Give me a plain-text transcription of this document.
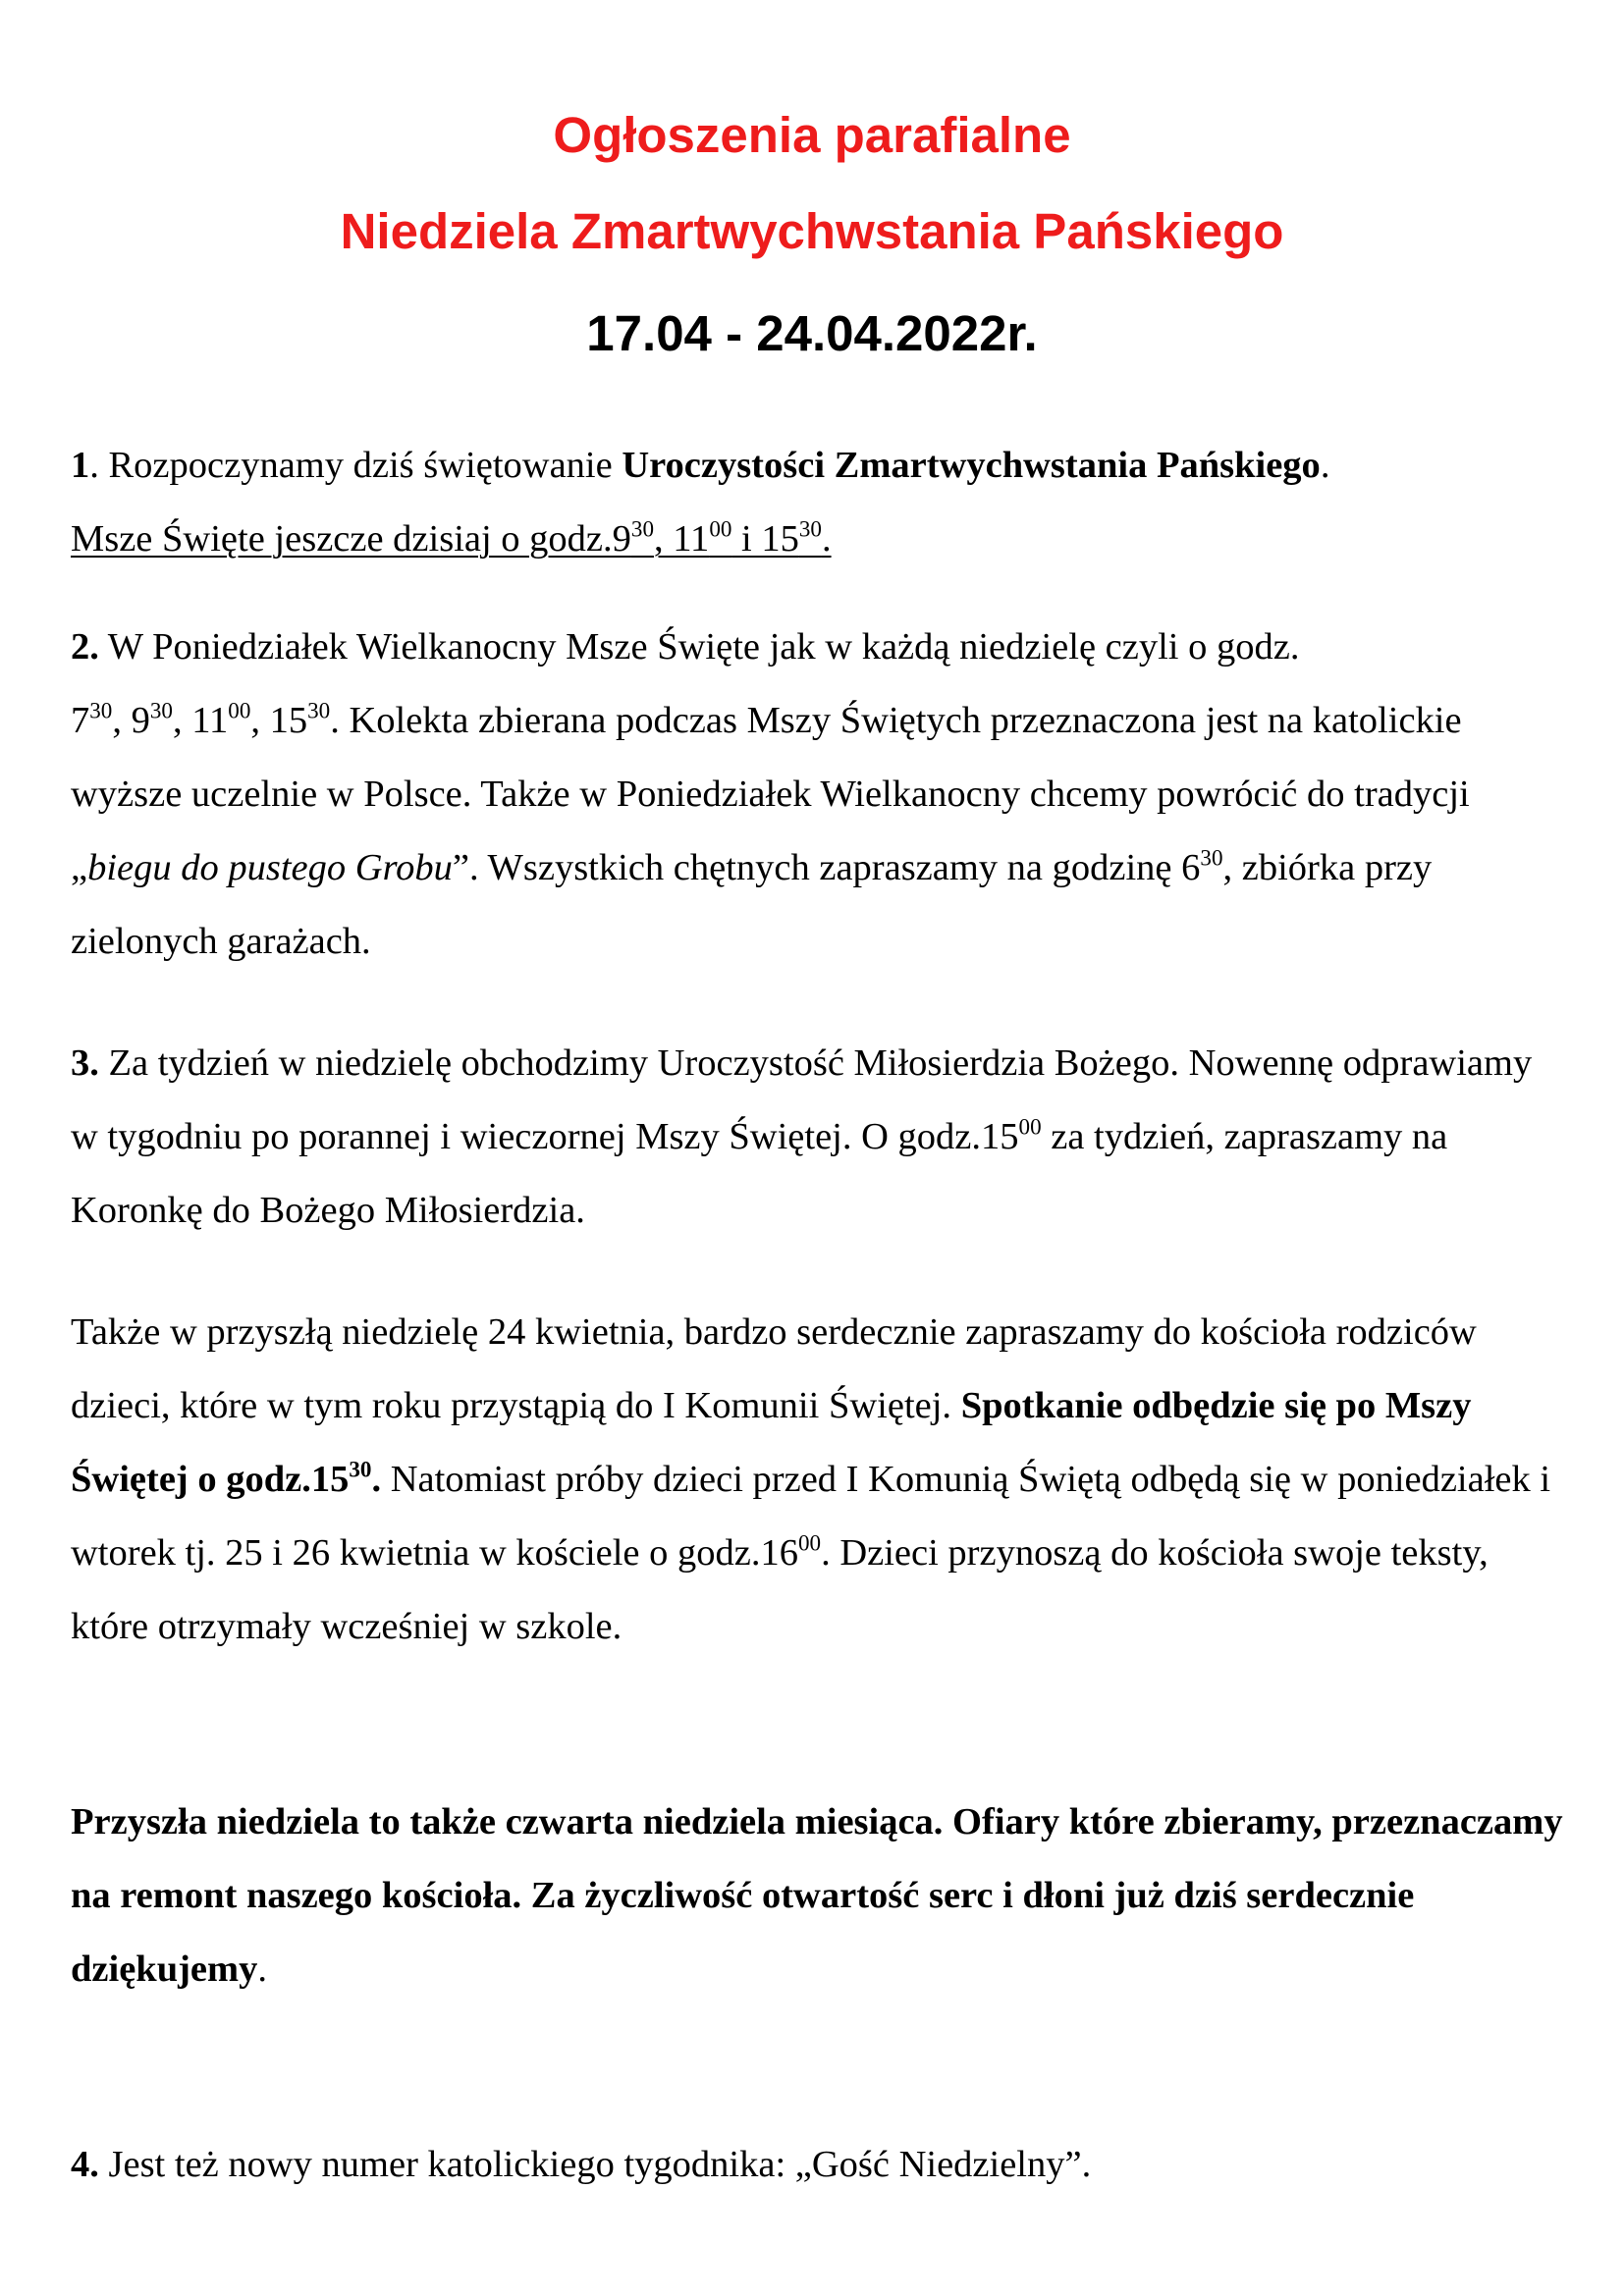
Ogłoszenia parafialne
Niedziela Zmartwychwstania Pańskiego
17.04 - 24.04.2022r.

1. Rozpoczynamy dziś świętowanie Uroczystości Zmartwychwstania Pańskiego.
Msze Święte jeszcze dzisiaj o $godz.9^{30}$, $11^{00}$ i $15^{30}$.

2. W Poniedziałek Wielkanocny Msze Święte jak w każdą niedzielę czyli o godz. $7^{30}$, $9^{30}$, $11^{00}$, $15^{30}$. Kolekta zbierana podczas Mszy Świętych przeznaczona jest na katolickie wyższe uczelnie w Polsce. Także w Poniedziałek Wielkanocny chcemy powrócić do tradycji „biegu do pustego Grobu”. Wszystkich chętnych zapraszamy na godzinę $6^{30}$, zbiórka przy zielonych garażach.

3. Za tydzień w niedzielę obchodzimy Uroczystość Miłosierdzia Bożego. Nowennę odprawiamy w tygodniu po porannej i wieczornej Mszy Świętej. O $godz.15^{00}$ za tydzień, zapraszamy na Koronkę do Bożego Miłosierdzia.

Także w przyszłą niedzielę 24 kwietnia, bardzo serdecznie zapraszamy do kościoła rodziców dzieci, które w tym roku przystąpią do I Komunii Świętej. Spotkanie odbędzie się po Mszy Świętej o $godz.15^{30}$. Natomiast próby dzieci przed I Komunią Świętą odbędą się w poniedziałek i wtorek tj. 25 i 26 kwietnia w kościele o $godz.16^{00}$. Dzieci przynoszą do kościoła swoje teksty, które otrzymały wcześniej w szkole.

Przyszła niedziela to także czwarta niedziela miesiąca. Ofiary które zbieramy, przeznaczamy na remont naszego kościoła. Za życzliwość otwartość serc i dłoni już dziś serdecznie dziękujemy.

4. Jest też nowy numer katolickiego tygodnika: „Gość Niedzielny”.
